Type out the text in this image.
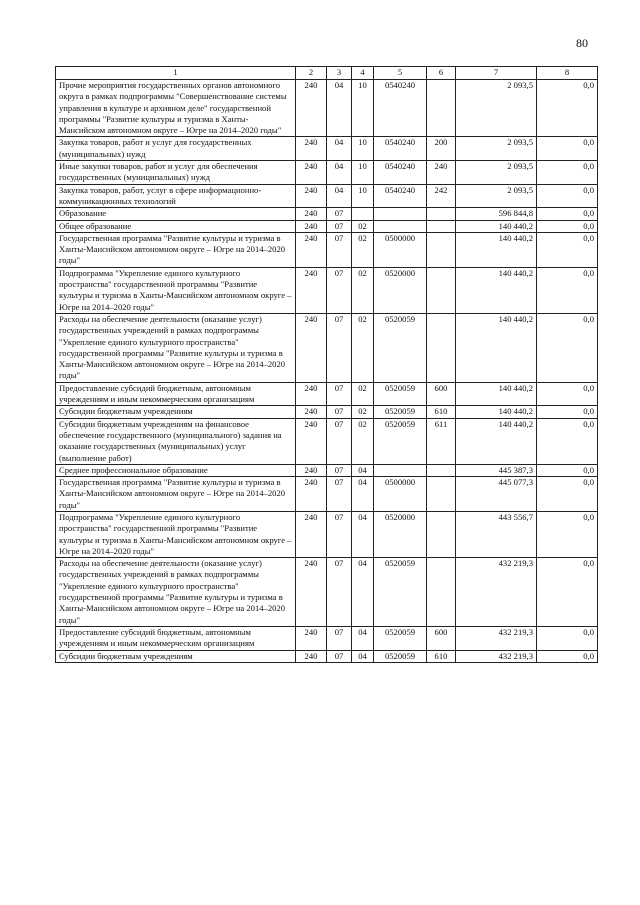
80
1	2	3	4	5	6	7	8
Прочие мероприятия государственных органов автономного округа в рамках подпрограммы "Совершенствование системы управления в культуре и архивном деле" государственной программы "Развитие культуры и туризма в Ханты-Мансийском автономном округе – Югре на 2014–2020 годы"	240	04	10	0540240		2 093,5	0,0
Закупка товаров, работ и услуг для государственных (муниципальных) нужд	240	04	10	0540240	200	2 093,5	0,0
Иные закупки товаров, работ и услуг для обеспечения государственных (муниципальных) нужд	240	04	10	0540240	240	2 093,5	0,0
Закупка товаров, работ, услуг в сфере информационно-коммуникационных технологий	240	04	10	0540240	242	2 093,5	0,0
Образование	240	07				596 844,8	0,0
Общее образование	240	07	02			140 440,2	0,0
Государственная программа "Развитие культуры и туризма в Ханты-Мансийском автономном округе – Югре на 2014–2020 годы"	240	07	02	0500000		140 440,2	0,0
Подпрограмма "Укрепление единого культурного пространства" государственной программы "Развитие культуры и туризма в Ханты-Мансийском автономном округе – Югре на 2014–2020 годы"	240	07	02	0520000		140 440,2	0,0
Расходы на обеспечение деятельности (оказание услуг) государственных учреждений в рамках подпрограммы "Укрепление единого культурного пространства" государственной программы "Развитие культуры и туризма в Ханты-Мансийском автономном округе – Югре на 2014–2020 годы"	240	07	02	0520059		140 440,2	0,0
Предоставление субсидий бюджетным, автономным учреждениям и иным некоммерческим организациям	240	07	02	0520059	600	140 440,2	0,0
Субсидии бюджетным учреждениям	240	07	02	0520059	610	140 440,2	0,0
Субсидии бюджетным учреждениям на финансовое обеспечение государственного (муниципального) задания на оказание государственных (муниципальных) услуг (выполнение работ)	240	07	02	0520059	611	140 440,2	0,0
Среднее профессиональное образование	240	07	04			445 387,3	0,0
Государственная программа "Развитие культуры и туризма в Ханты-Мансийском автономном округе – Югре на 2014–2020 годы"	240	07	04	0500000		445 077,3	0,0
Подпрограмма "Укрепление единого культурного пространства" государственной программы "Развитие культуры и туризма в Ханты-Мансийском автономном округе – Югре на 2014–2020 годы"	240	07	04	0520000		443 556,7	0,0
Расходы на обеспечение деятельности (оказание услуг) государственных учреждений в рамках подпрограммы "Укрепление единого культурного пространства" государственной программы "Развитие культуры и туризма в Ханты-Мансийском автономном округе – Югре на 2014–2020 годы"	240	07	04	0520059		432 219,3	0,0
Предоставление субсидий бюджетным, автономным учреждениям и иным некоммерческим организациям	240	07	04	0520059	600	432 219,3	0,0
Субсидии бюджетным учреждениям	240	07	04	0520059	610	432 219,3	0,0
